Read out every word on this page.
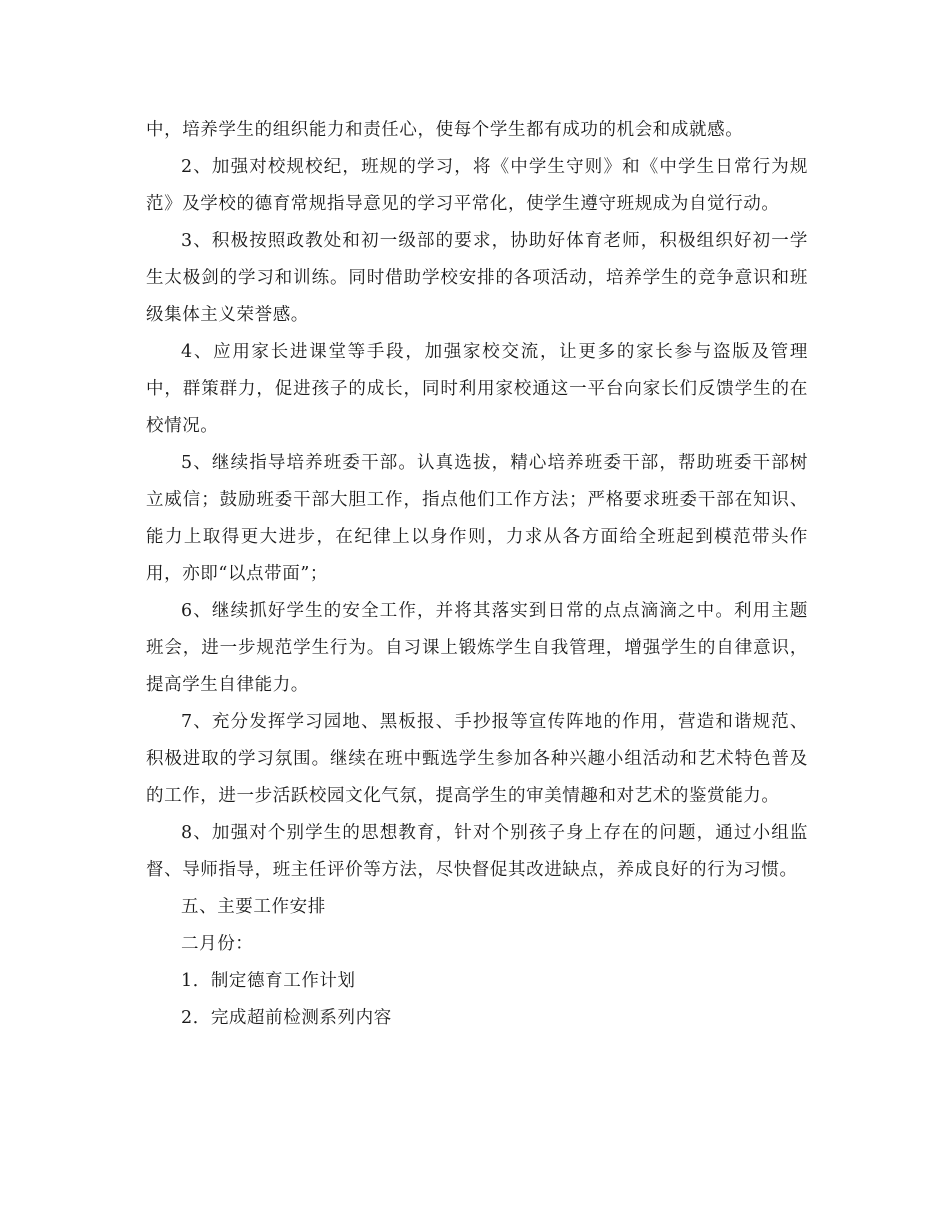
中，培养学生的组织能力和责任心，使每个学生都有成功的机会和成就感。

2、加强对校规校纪，班规的学习，将《中学生守则》和《中学生日常行为规范》及学校的德育常规指导意见的学习平常化，使学生遵守班规成为自觉行动。

3、积极按照政教处和初一级部的要求，协助好体育老师，积极组织好初一学生太极剑的学习和训练。同时借助学校安排的各项活动，培养学生的竞争意识和班级集体主义荣誉感。

4、应用家长进课堂等手段，加强家校交流，让更多的家长参与盗版及管理中，群策群力，促进孩子的成长，同时利用家校通这一平台向家长们反馈学生的在校情况。

5、继续指导培养班委干部。认真选拔，精心培养班委干部，帮助班委干部树立威信；鼓励班委干部大胆工作，指点他们工作方法；严格要求班委干部在知识、能力上取得更大进步，在纪律上以身作则，力求从各方面给全班起到模范带头作用，亦即“以点带面”；

6、继续抓好学生的安全工作，并将其落实到日常的点点滴滴之中。利用主题班会，进一步规范学生行为。自习课上锻炼学生自我管理，增强学生的自律意识，提高学生自律能力。

7、充分发挥学习园地、黑板报、手抄报等宣传阵地的作用，营造和谐规范、积极进取的学习氛围。继续在班中甄选学生参加各种兴趣小组活动和艺术特色普及的工作，进一步活跃校园文化气氛，提高学生的审美情趣和对艺术的鉴赏能力。

8、加强对个别学生的思想教育，针对个别孩子身上存在的问题，通过小组监督、导师指导，班主任评价等方法，尽快督促其改进缺点，养成良好的行为习惯。

五、主要工作安排

二月份：

1．制定德育工作计划

2．完成超前检测系列内容
